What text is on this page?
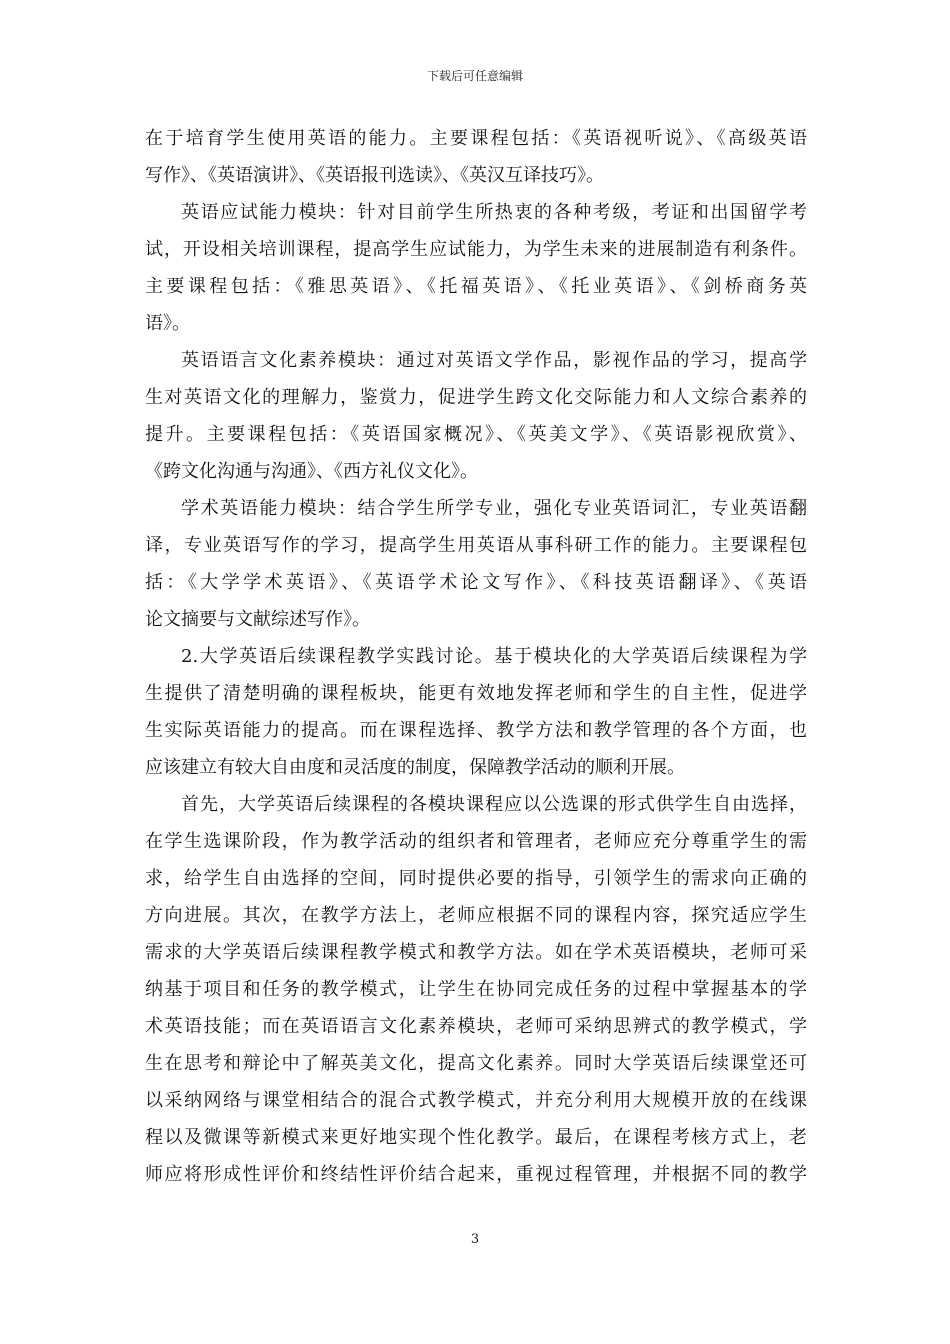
下载后可任意编辑
在于培育学生使用英语的能力。主要课程包括：《英语视听说》、《高级英语
写作》、《英语演讲》、《英语报刊选读》、《英汉互译技巧》。
英语应试能力模块：针对目前学生所热衷的各种考级，考证和出国留学考
试，开设相关培训课程，提高学生应试能力，为学生未来的进展制造有利条件。
主要课程包括：《雅思英语》、《托福英语》、《托业英语》、《剑桥商务英
语》。
英语语言文化素养模块：通过对英语文学作品，影视作品的学习，提高学
生对英语文化的理解力，鉴赏力，促进学生跨文化交际能力和人文综合素养的
提升。主要课程包括：《英语国家概况》、《英美文学》、《英语影视欣赏》、
《跨文化沟通与沟通》、《西方礼仪文化》。
学术英语能力模块：结合学生所学专业，强化专业英语词汇，专业英语翻
译，专业英语写作的学习，提高学生用英语从事科研工作的能力。主要课程包
括：《大学学术英语》、《英语学术论文写作》、《科技英语翻译》、《英语
论文摘要与文献综述写作》。
2.大学英语后续课程教学实践讨论。基于模块化的大学英语后续课程为学
生提供了清楚明确的课程板块，能更有效地发挥老师和学生的自主性，促进学
生实际英语能力的提高。而在课程选择、教学方法和教学管理的各个方面，也
应该建立有较大自由度和灵活度的制度，保障教学活动的顺利开展。
首先，大学英语后续课程的各模块课程应以公选课的形式供学生自由选择，
在学生选课阶段，作为教学活动的组织者和管理者，老师应充分尊重学生的需
求，给学生自由选择的空间，同时提供必要的指导，引领学生的需求向正确的
方向进展。其次，在教学方法上，老师应根据不同的课程内容，探究适应学生
需求的大学英语后续课程教学模式和教学方法。如在学术英语模块，老师可采
纳基于项目和任务的教学模式，让学生在协同完成任务的过程中掌握基本的学
术英语技能；而在英语语言文化素养模块，老师可采纳思辨式的教学模式，学
生在思考和辩论中了解英美文化，提高文化素养。同时大学英语后续课堂还可
以采纳网络与课堂相结合的混合式教学模式，并充分利用大规模开放的在线课
程以及微课等新模式来更好地实现个性化教学。最后，在课程考核方式上，老
师应将形成性评价和终结性评价结合起来，重视过程管理，并根据不同的教学
3
